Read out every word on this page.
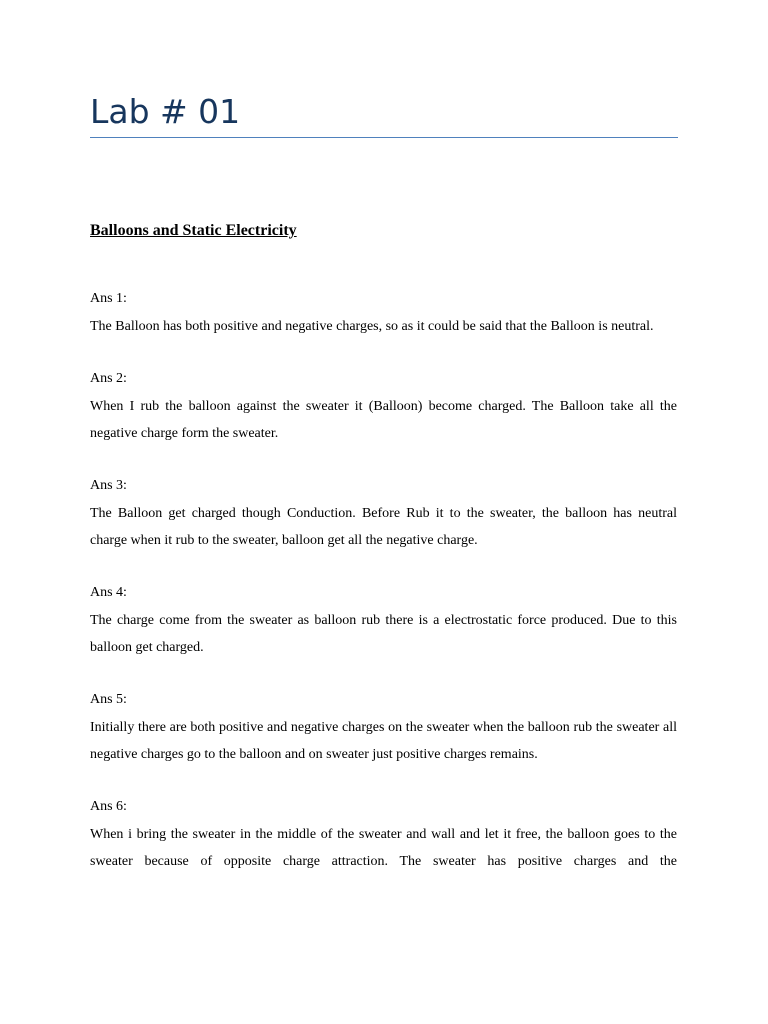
Lab # 01
Balloons and Static Electricity

Ans 1:

The Balloon has both positive and negative charges, so as it could be said that the Balloon is neutral.

Ans 2:

When I rub the balloon against the sweater it (Balloon) become charged. The Balloon take all the negative charge form the sweater.

Ans 3:

The Balloon get charged though Conduction. Before Rub it to the sweater, the balloon has neutral charge when it rub to the sweater, balloon get all the negative charge.

Ans 4:

The charge come from the sweater as balloon rub there is a electrostatic force produced. Due to this balloon get charged.

Ans 5:

Initially there are both positive and negative charges on the sweater when the balloon rub the sweater all negative charges go to the balloon and on sweater just positive charges remains.

Ans 6:

When i bring the sweater in the middle of the sweater and wall and let it free, the balloon goes to the sweater because of opposite charge attraction. The sweater has positive charges and the
